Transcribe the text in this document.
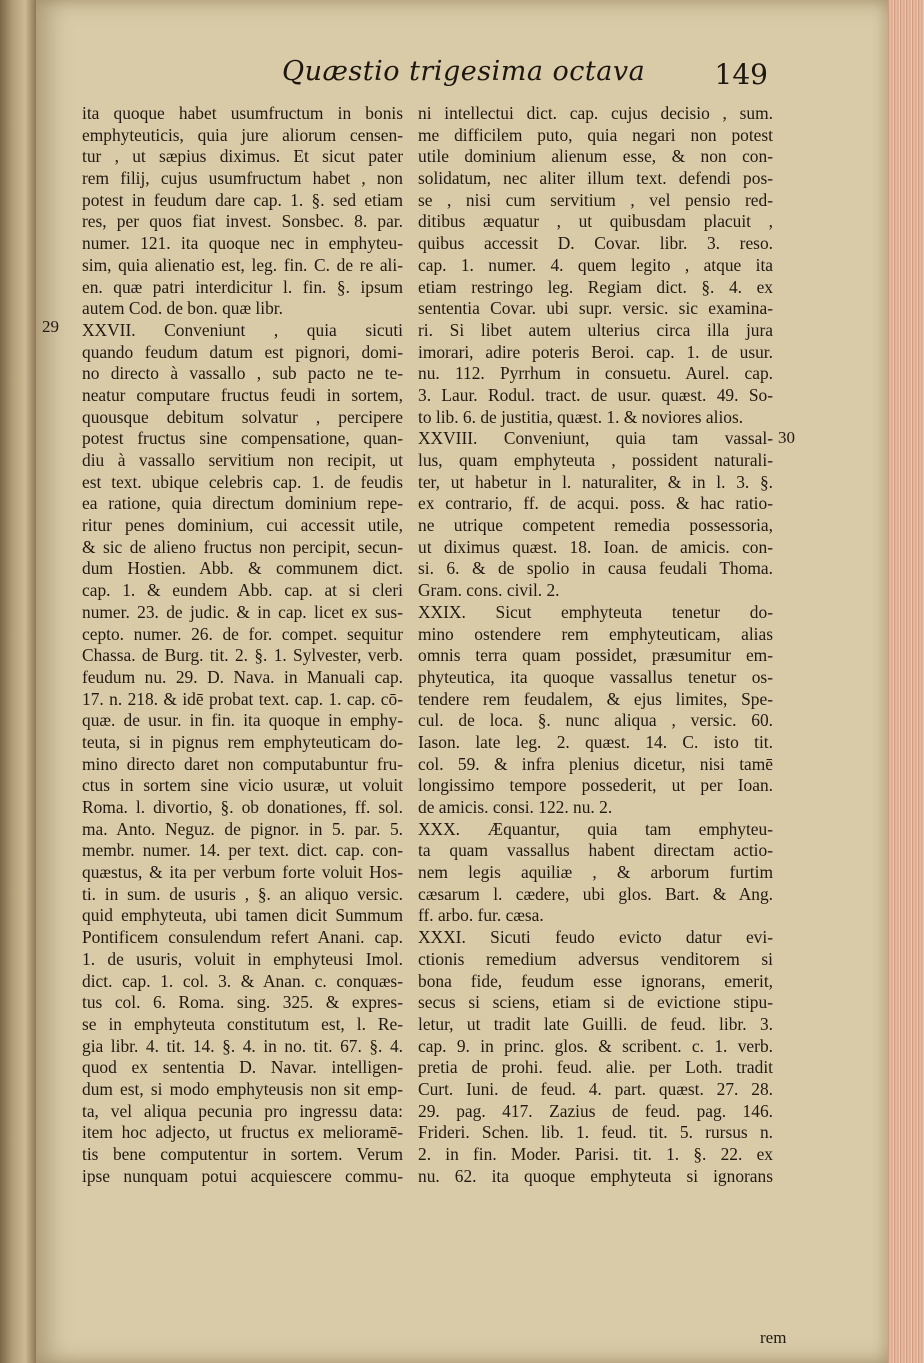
Quæstio trigesima octava 149
29
30
ita quoque habet usumfructum in bonis
emphyteuticis, quia jure aliorum censen-
tur , ut sæpius diximus. Et sicut pater
rem filij, cujus usumfructum habet , non
potest in feudum dare cap. 1. §. sed etiam
res, per quos fiat invest. Sonsbec. 8. par.
numer. 121. ita quoque nec in emphyteu-
sim, quia alienatio est, leg. fin. C. de re ali-
en. quæ patri interdicitur l. fin. §. ipsum
autem Cod. de bon. quæ libr.
XXVII. Conveniunt , quia sicuti
quando feudum datum est pignori, domi-
no directo à vassallo , sub pacto ne te-
neatur computare fructus feudi in sortem,
quousque debitum solvatur , percipere
potest fructus sine compensatione, quan-
diu à vassallo servitium non recipit, ut
est text. ubique celebris cap. 1. de feudis
ea ratione, quia directum dominium repe-
ritur penes dominium, cui accessit utile,
& sic de alieno fructus non percipit, secun-
dum Hostien. Abb. & communem dict.
cap. 1. & eundem Abb. cap. at si cleri
numer. 23. de judic. & in cap. licet ex sus-
cepto. numer. 26. de for. compet. sequitur
Chassa. de Burg. tit. 2. §. 1. Sylvester, verb.
feudum nu. 29. D. Nava. in Manuali cap.
17. n. 218. & idē probat text. cap. 1. cap. cō-
quæ. de usur. in fin. ita quoque in emphy-
teuta, si in pignus rem emphyteuticam do-
mino directo daret non computabuntur fru-
ctus in sortem sine vicio usuræ, ut voluit
Roma. l. divortio, §. ob donationes, ff. sol.
ma. Anto. Neguz. de pignor. in 5. par. 5.
membr. numer. 14. per text. dict. cap. con-
quæstus, & ita per verbum forte voluit Hos-
ti. in sum. de usuris , §. an aliquo versic.
quid emphyteuta, ubi tamen dicit Summum
Pontificem consulendum refert Anani. cap.
1. de usuris, voluit in emphyteusi Imol.
dict. cap. 1. col. 3. & Anan. c. conquæs-
tus col. 6. Roma. sing. 325. & expres-
se in emphyteuta constitutum est, l. Re-
gia libr. 4. tit. 14. §. 4. in no. tit. 67. §. 4.
quod ex sententia D. Navar. intelligen-
dum est, si modo emphyteusis non sit emp-
ta, vel aliqua pecunia pro ingressu data:
item hoc adjecto, ut fructus ex melioramē-
tis bene computentur in sortem. Verum
ipse nunquam potui acquiescere commu-
ni intellectui dict. cap. cujus decisio , sum.
me difficilem puto, quia negari non potest
utile dominium alienum esse, & non con-
solidatum, nec aliter illum text. defendi pos-
se , nisi cum servitium , vel pensio red-
ditibus æquatur , ut quibusdam placuit ,
quibus accessit D. Covar. libr. 3. reso.
cap. 1. numer. 4. quem legito , atque ita
etiam restringo leg. Regiam dict. §. 4. ex
sententia Covar. ubi supr. versic. sic examina-
ri. Si libet autem ulterius circa illa jura
imorari, adire poteris Beroi. cap. 1. de usur.
nu. 112. Pyrrhum in consuetu. Aurel. cap.
3. Laur. Rodul. tract. de usur. quæst. 49. So-
to lib. 6. de justitia, quæst. 1. & noviores alios.
XXVIII. Conveniunt, quia tam vassal-
lus, quam emphyteuta , possident naturali-
ter, ut habetur in l. naturaliter, & in l. 3. §.
ex contrario, ff. de acqui. poss. & hac ratio-
ne utrique competent remedia possessoria,
ut diximus quæst. 18. Ioan. de amicis. con-
si. 6. & de spolio in causa feudali Thoma.
Gram. cons. civil. 2.
XXIX. Sicut emphyteuta tenetur do-
mino ostendere rem emphyteuticam, alias
omnis terra quam possidet, præsumitur em-
phyteutica, ita quoque vassallus tenetur os-
tendere rem feudalem, & ejus limites, Spe-
cul. de loca. §. nunc aliqua , versic. 60.
Iason. late leg. 2. quæst. 14. C. isto tit.
col. 59. & infra plenius dicetur, nisi tamē
longissimo tempore possederit, ut per Ioan.
de amicis. consi. 122. nu. 2.
XXX. Æquantur, quia tam emphyteu-
ta quam vassallus habent directam actio-
nem legis aquiliæ , & arborum furtim
cæsarum l. cædere, ubi glos. Bart. & Ang.
ff. arbo. fur. cæsa.
XXXI. Sicuti feudo evicto datur evi-
ctionis remedium adversus venditorem si
bona fide, feudum esse ignorans, emerit,
secus si sciens, etiam si de evictione stipu-
letur, ut tradit late Guilli. de feud. libr. 3.
cap. 9. in princ. glos. & scribent. c. 1. verb.
pretia de prohi. feud. alie. per Loth. tradit
Curt. Iuni. de feud. 4. part. quæst. 27. 28.
29. pag. 417. Zazius de feud. pag. 146.
Frideri. Schen. lib. 1. feud. tit. 5. rursus n.
2. in fin. Moder. Parisi. tit. 1. §. 22. ex
nu. 62. ita quoque emphyteuta si ignorans
rem
